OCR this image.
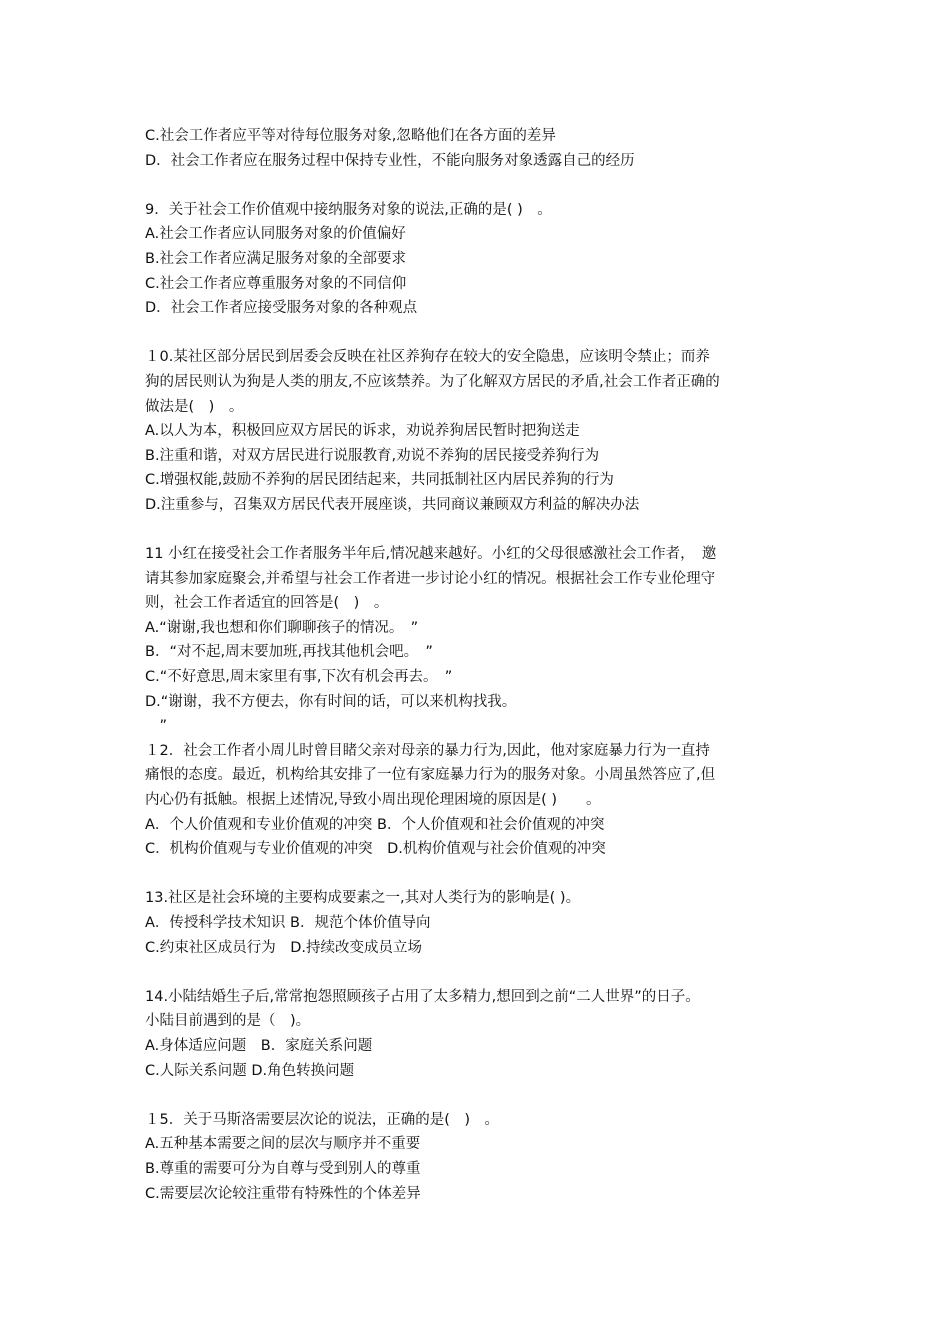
C.社会工作者应平等对待每位服务对象,忽略他们在各方面的差异
D．社会工作者应在服务过程中保持专业性，不能向服务对象透露自己的经历
9．关于社会工作价值观中接纳服务对象的说法,正确的是( )　。
A.社会工作者应认同服务对象的价值偏好
B.社会工作者应满足服务对象的全部要求
C.社会工作者应尊重服务对象的不同信仰
D．社会工作者应接受服务对象的各种观点
１0.某社区部分居民到居委会反映在社区养狗存在较大的安全隐患，应该明令禁止；而养
狗的居民则认为狗是人类的朋友,不应该禁养。为了化解双方居民的矛盾,社会工作者正确的
做法是(　)　。
A.以人为本，积极回应双方居民的诉求，劝说养狗居民暂时把狗送走
B.注重和谐，对双方居民进行说服教育,劝说不养狗的居民接受养狗行为
C.增强权能,鼓励不养狗的居民团结起来，共同抵制社区内居民养狗的行为
D.注重参与，召集双方居民代表开展座谈，共同商议兼顾双方利益的解决办法
11 小红在接受社会工作者服务半年后,情况越来越好。小红的父母很感激社会工作者，　邀
请其参加家庭聚会,并希望与社会工作者进一步讨论小红的情况。根据社会工作专业伦理守
则，社会工作者适宜的回答是(　)　。
A.“谢谢,我也想和你们聊聊孩子的情况。　”
B．“对不起,周末要加班,再找其他机会吧。　”
C.“不好意思,周末家里有事,下次有机会再去。　”
D.“谢谢，我不方便去，你有时间的话，可以来机构找我。
　”
１2．社会工作者小周儿时曾目睹父亲对母亲的暴力行为,因此，他对家庭暴力行为一直持
痛恨的态度。最近，机构给其安排了一位有家庭暴力行为的服务对象。小周虽然答应了,但
内心仍有抵触。根据上述情况,导致小周出现伦理困境的原因是( )　　。
A．个人价值观和专业价值观的冲突 B．个人价值观和社会价值观的冲突
C．机构价值观与专业价值观的冲突　D.机构价值观与社会价值观的冲突
13.社区是社会环境的主要构成要素之一,其对人类行为的影响是( )。
A．传授科学技术知识 B．规范个体价值导向
C.约束社区成员行为　D.持续改变成员立场
14.小陆结婚生子后,常常抱怨照顾孩子占用了太多精力,想回到之前“二人世界”的日子。
小陆目前遇到的是（　)。
A.身体适应问题　B．家庭关系问题
C.人际关系问题 D.角色转换问题
１5．关于马斯洛需要层次论的说法，正确的是(　)　。
A.五种基本需要之间的层次与顺序并不重要
B.尊重的需要可分为自尊与受到别人的尊重
C.需要层次论较注重带有特殊性的个体差异
